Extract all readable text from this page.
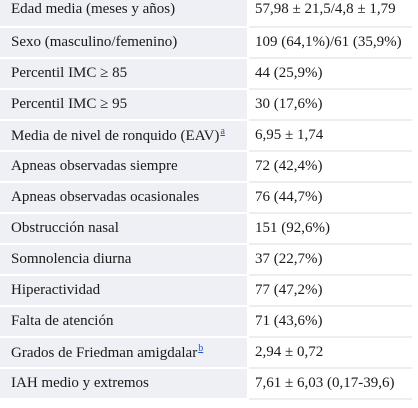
Edad media (meses y años)	57,98 ± 21,5/4,8 ± 1,79
Sexo (masculino/femenino)	109 (64,1%)/61 (35,9%)
Percentil IMC ≥ 85	44 (25,9%)
Percentil IMC ≥ 95	30 (17,6%)
Media de nivel de ronquido (EAV)$^a$	6,95 ± 1,74
Apneas observadas siempre	72 (42,4%)
Apneas observadas ocasionales	76 (44,7%)
Obstrucción nasal	151 (92,6%)
Somnolencia diurna	37 (22,7%)
Hiperactividad	77 (47,2%)
Falta de atención	71 (43,6%)
Grados de Friedman amigdalar$^b$	2,94 ± 0,72
IAH medio y extremos	7,61 ± 6,03 (0,17-39,6)
